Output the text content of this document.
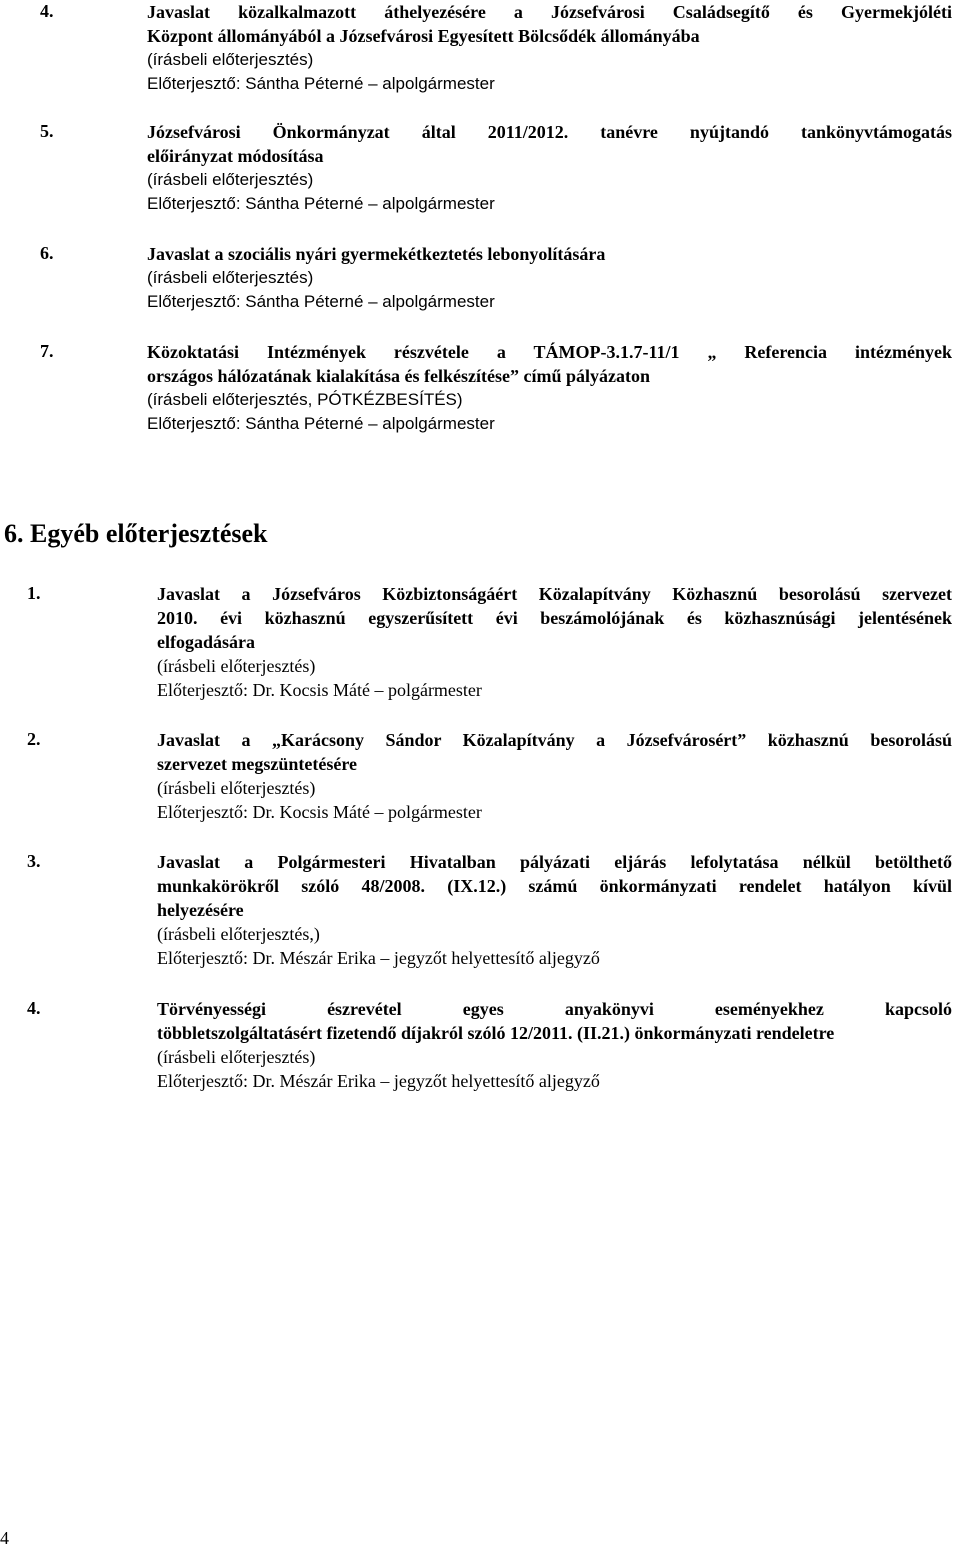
4.	Javaslat közalkalmazott áthelyezésére a Józsefvárosi Családsegítő és Gyermekjóléti
Központ állományából a Józsefvárosi Egyesített Bölcsődék állományába
(írásbeli előterjesztés)
Előterjesztő: Sántha Péterné – alpolgármester
5.	Józsefvárosi Önkormányzat által 2011/2012. tanévre nyújtandó tankönyvtámogatás
előirányzat módosítása
(írásbeli előterjesztés)
Előterjesztő: Sántha Péterné – alpolgármester
6.	Javaslat a szociális nyári gyermekétkeztetés lebonyolítására
(írásbeli előterjesztés)
Előterjesztő: Sántha Péterné – alpolgármester
7.	Közoktatási Intézmények részvétele a TÁMOP-3.1.7-11/1 „ Referencia intézmények
országos hálózatának kialakítása és felkészítése” című pályázaton
(írásbeli előterjesztés, PÓTKÉZBESÍTÉS)
Előterjesztő: Sántha Péterné – alpolgármester
6. Egyéb előterjesztések
1.	Javaslat a Józsefváros Közbiztonságáért Közalapítvány Közhasznú besorolású szervezet
2010. évi közhasznú egyszerűsített évi beszámolójának és közhasznúsági jelentésének
elfogadására
(írásbeli előterjesztés)
Előterjesztő: Dr. Kocsis Máté – polgármester
2.	Javaslat a „Karácsony Sándor Közalapítvány a Józsefvárosért” közhasznú besorolású
szervezet megszüntetésére
(írásbeli előterjesztés)
Előterjesztő: Dr. Kocsis Máté – polgármester
3.	Javaslat a Polgármesteri Hivatalban pályázati eljárás lefolytatása nélkül betölthető
munkakörökről szóló 48/2008. (IX.12.) számú önkormányzati rendelet hatályon kívül
helyezésére
(írásbeli előterjesztés,)
Előterjesztő: Dr. Mészár Erika – jegyzőt helyettesítő aljegyző
4.	Törvényességi észrevétel egyes anyakönyvi eseményekhez kapcsoló
többletszolgáltatásért fizetendő díjakról szóló 12/2011. (II.21.) önkormányzati rendeletre
(írásbeli előterjesztés)
Előterjesztő: Dr. Mészár Erika – jegyzőt helyettesítő aljegyző
4
